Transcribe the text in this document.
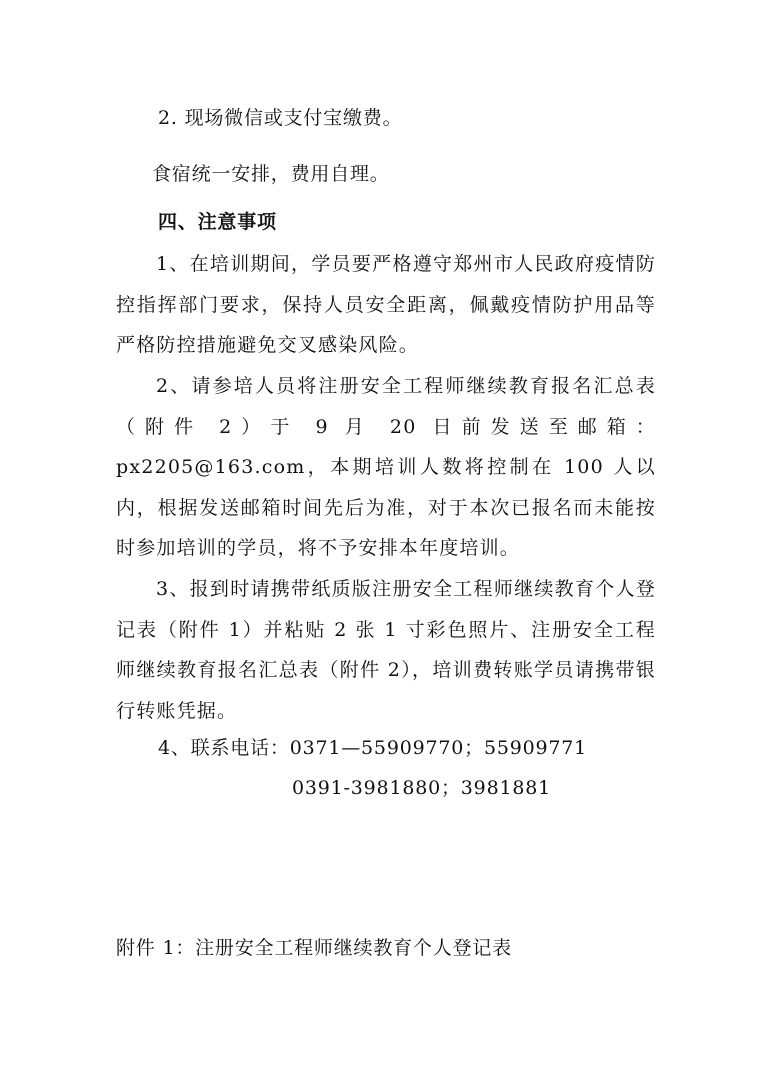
2. 现场微信或支付宝缴费。
食宿统一安排，费用自理。
四、注意事项
1、在培训期间，学员要严格遵守郑州市人民政府疫情防控指挥部门要求，保持人员安全距离，佩戴疫情防护用品等严格防控措施避免交叉感染风险。
2、请参培人员将注册安全工程师继续教育报名汇总表（附件 2）于 9 月 20 日前发送至邮箱： px2205@163.com，本期培训人数将控制在 100 人以内，根据发送邮箱时间先后为准，对于本次已报名而未能按时参加培训的学员，将不予安排本年度培训。
3、报到时请携带纸质版注册安全工程师继续教育个人登记表（附件 1）并粘贴 2 张 1 寸彩色照片、注册安全工程师继续教育报名汇总表（附件 2），培训费转账学员请携带银行转账凭据。
4、联系电话：0371—55909770；55909771
0391-3981880；3981881
附件 1：注册安全工程师继续教育个人登记表
